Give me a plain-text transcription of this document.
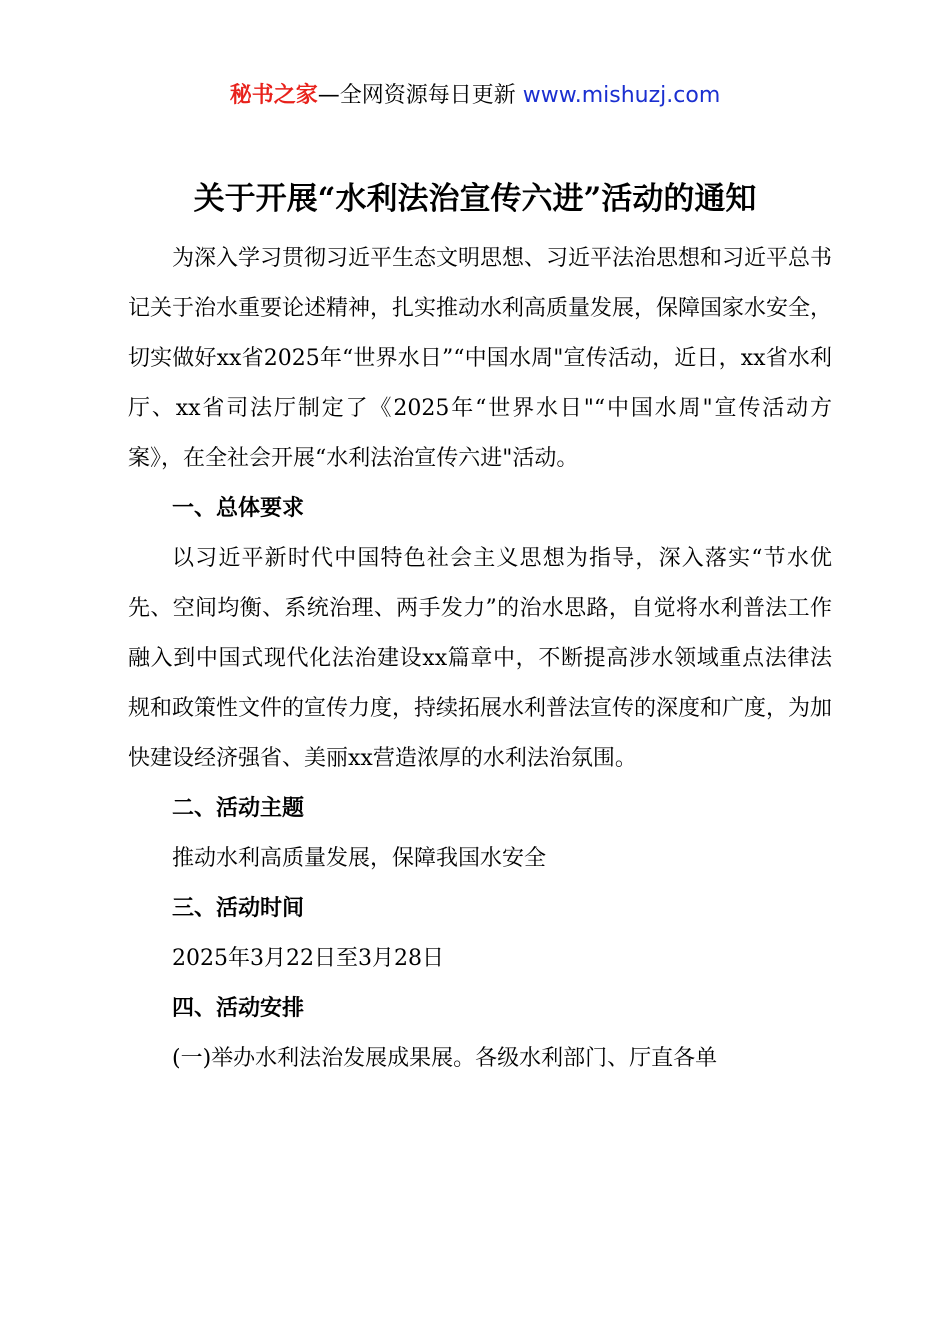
秘书之家—全网资源每日更新 www.mishuzj.com
关于开展“水利法治宣传六进”活动的通知

为深入学习贯彻习近平生态文明思想、习近平法治思想和习近平总书记关于治水重要论述精神，扎实推动水利高质量发展，保障国家水安全，切实做好xx省2025年“世界水日”“中国水周"宣传活动，近日，xx省水利厅、xx省司法厅制定了《2025年“世界水日"“中国水周"宣传活动方案》，在全社会开展“水利法治宣传六进"活动。

一、总体要求

以习近平新时代中国特色社会主义思想为指导，深入落实“节水优先、空间均衡、系统治理、两手发力”的治水思路，自觉将水利普法工作融入到中国式现代化法治建设xx篇章中，不断提高涉水领域重点法律法规和政策性文件的宣传力度，持续拓展水利普法宣传的深度和广度，为加快建设经济强省、美丽xx营造浓厚的水利法治氛围。

二、活动主题

推动水利高质量发展，保障我国水安全

三、活动时间

2025年3月22日至3月28日

四、活动安排

(一)举办水利法治发展成果展。各级水利部门、厅直各单
